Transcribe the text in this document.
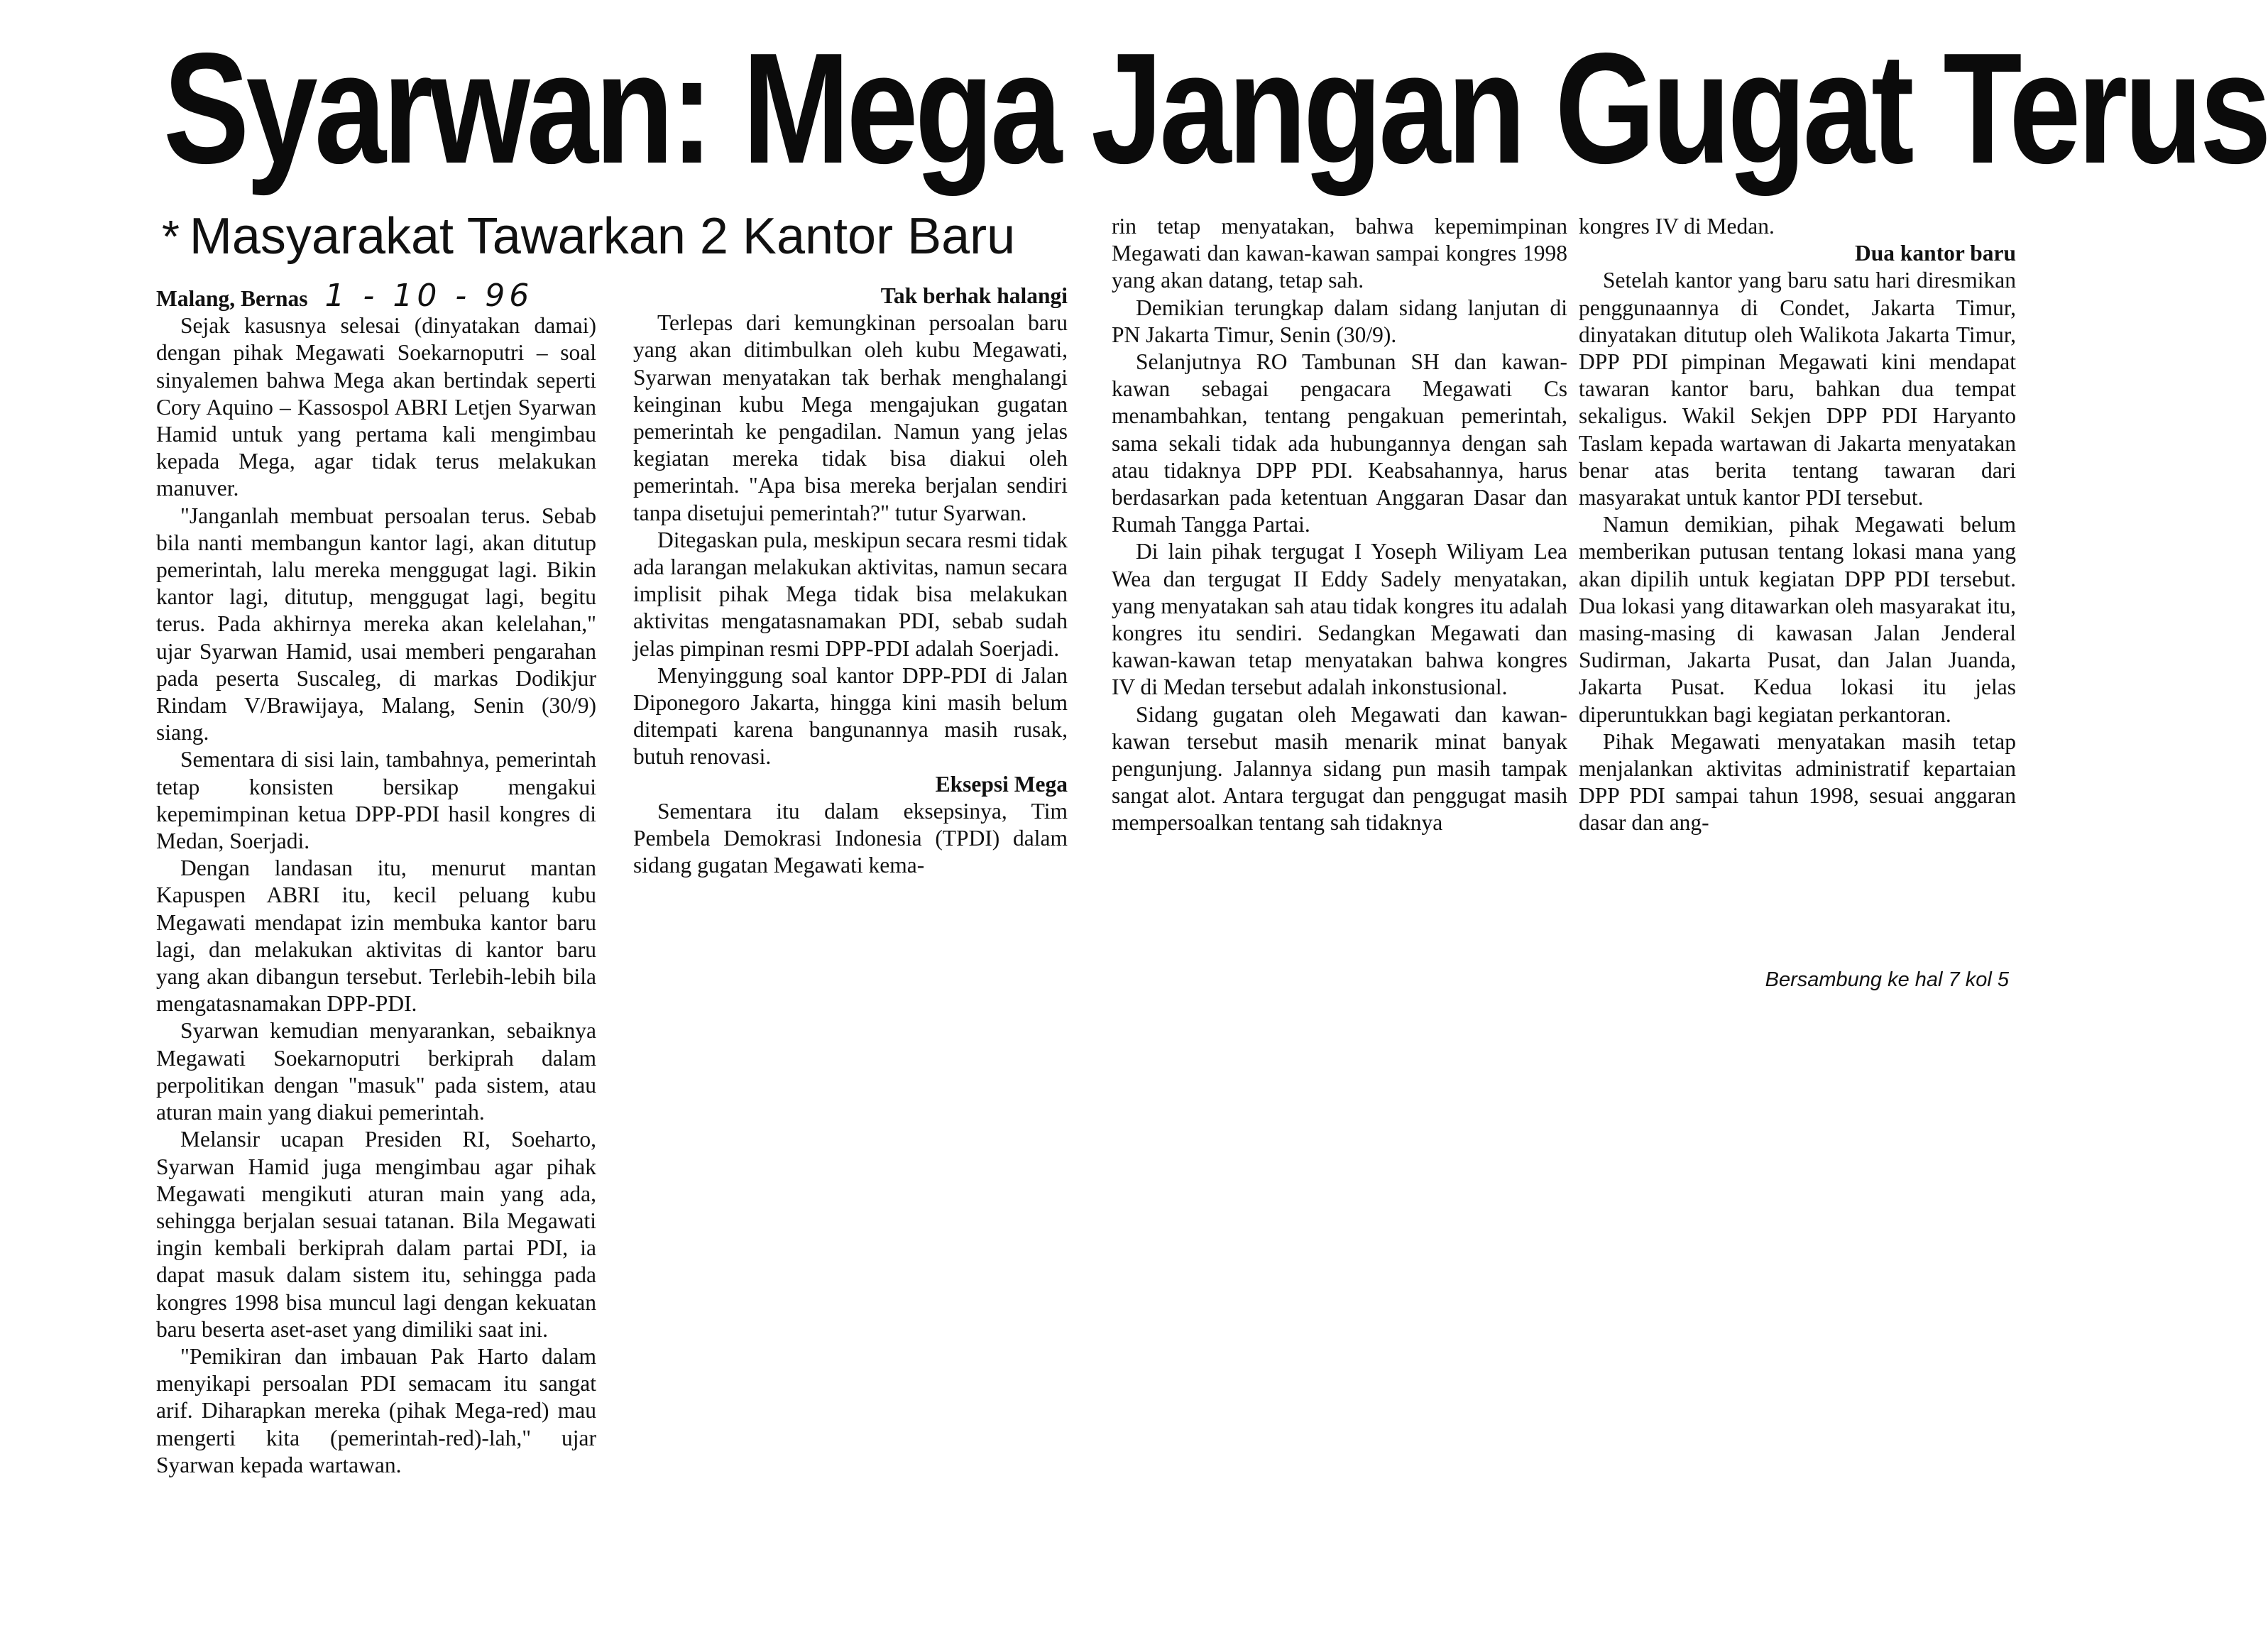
Syarwan: Mega Jangan Gugat Terus
* Masyarakat Tawarkan 2 Kantor Baru

Malang, Bernas 1 - 10 - 96

Sejak kasusnya selesai (dinyatakan damai) dengan pihak Megawati Soekarnoputri – soal sinyalemen bahwa Mega akan bertindak seperti Cory Aquino – Kassospol ABRI Letjen Syarwan Hamid untuk yang pertama kali mengimbau kepada Mega, agar tidak terus melakukan manuver.

"Janganlah membuat persoalan terus. Sebab bila nanti membangun kantor lagi, akan ditutup pemerintah, lalu mereka menggugat lagi. Bikin kantor lagi, ditutup, menggugat lagi, begitu terus. Pada akhirnya mereka akan kelelahan," ujar Syarwan Hamid, usai memberi pengarahan pada peserta Suscaleg, di markas Dodikjur Rindam V/Brawijaya, Malang, Senin (30/9) siang.

Sementara di sisi lain, tambahnya, pemerintah tetap konsisten bersikap mengakui kepemimpinan ketua DPP-PDI hasil kongres di Medan, Soerjadi.

Dengan landasan itu, menurut mantan Kapuspen ABRI itu, kecil peluang kubu Megawati mendapat izin membuka kantor baru lagi, dan melakukan aktivitas di kantor baru yang akan dibangun tersebut. Terlebih-lebih bila mengatasnamakan DPP-PDI.

Syarwan kemudian menyarankan, sebaiknya Megawati Soekarnoputri berkiprah dalam perpolitikan dengan "masuk" pada sistem, atau aturan main yang diakui pemerintah.

Melansir ucapan Presiden RI, Soeharto, Syarwan Hamid juga mengimbau agar pihak Megawati mengikuti aturan main yang ada, sehingga berjalan sesuai tatanan. Bila Megawati ingin kembali berkiprah dalam partai PDI, ia dapat masuk dalam sistem itu, sehingga pada kongres 1998 bisa muncul lagi dengan kekuatan baru beserta aset-aset yang dimiliki saat ini.

"Pemikiran dan imbauan Pak Harto dalam menyikapi persoalan PDI semacam itu sangat arif. Diharapkan mereka (pihak Mega-red) mau mengerti kita (pemerintah-red)-lah," ujar Syarwan kepada wartawan.

Tak berhak halangi

Terlepas dari kemungkinan persoalan baru yang akan ditimbulkan oleh kubu Megawati, Syarwan menyatakan tak berhak menghalangi keinginan kubu Mega mengajukan gugatan pemerintah ke pengadilan. Namun yang jelas kegiatan mereka tidak bisa diakui oleh pemerintah. "Apa bisa mereka berjalan sendiri tanpa disetujui pemerintah?" tutur Syarwan.

Ditegaskan pula, meskipun secara resmi tidak ada larangan melakukan aktivitas, namun secara implisit pihak Mega tidak bisa melakukan aktivitas mengatasnamakan PDI, sebab sudah jelas pimpinan resmi DPP-PDI adalah Soerjadi.

Menyinggung soal kantor DPP-PDI di Jalan Diponegoro Jakarta, hingga kini masih belum ditempati karena bangunannya masih rusak, butuh renovasi.

Eksepsi Mega

Sementara itu dalam eksepsinya, Tim Pembela Demokrasi Indonesia (TPDI) dalam sidang gugatan Megawati kema-

rin tetap menyatakan, bahwa kepemimpinan Megawati dan kawan-kawan sampai kongres 1998 yang akan datang, tetap sah.

Demikian terungkap dalam sidang lanjutan di PN Jakarta Timur, Senin (30/9).

Selanjutnya RO Tambunan SH dan kawan-kawan sebagai pengacara Megawati Cs menambahkan, tentang pengakuan pemerintah, sama sekali tidak ada hubungannya dengan sah atau tidaknya DPP PDI. Keabsahannya, harus berdasarkan pada ketentuan Anggaran Dasar dan Rumah Tangga Partai.

Di lain pihak tergugat I Yoseph Wiliyam Lea Wea dan tergugat II Eddy Sadely menyatakan, yang menyatakan sah atau tidak kongres itu adalah kongres itu sendiri. Sedangkan Megawati dan kawan-kawan tetap menyatakan bahwa kongres IV di Medan tersebut adalah inkonstusional.

Sidang gugatan oleh Megawati dan kawan-kawan tersebut masih menarik minat banyak pengunjung. Jalannya sidang pun masih tampak sangat alot. Antara tergugat dan penggugat masih mempersoalkan tentang sah tidaknya

kongres IV di Medan.

Dua kantor baru

Setelah kantor yang baru satu hari diresmikan penggunaannya di Condet, Jakarta Timur, dinyatakan ditutup oleh Walikota Jakarta Timur, DPP PDI pimpinan Megawati kini mendapat tawaran kantor baru, bahkan dua tempat sekaligus. Wakil Sekjen DPP PDI Haryanto Taslam kepada wartawan di Jakarta menyatakan benar atas berita tentang tawaran dari masyarakat untuk kantor PDI tersebut.

Namun demikian, pihak Megawati belum memberikan putusan tentang lokasi mana yang akan dipilih untuk kegiatan DPP PDI tersebut. Dua lokasi yang ditawarkan oleh masyarakat itu, masing-masing di kawasan Jalan Jenderal Sudirman, Jakarta Pusat, dan Jalan Juanda, Jakarta Pusat. Kedua lokasi itu jelas diperuntukkan bagi kegiatan perkantoran.

Pihak Megawati menyatakan masih tetap menjalankan aktivitas administratif kepartaian DPP PDI sampai tahun 1998, sesuai anggaran dasar dan ang-

Bersambung ke hal 7 kol 5
